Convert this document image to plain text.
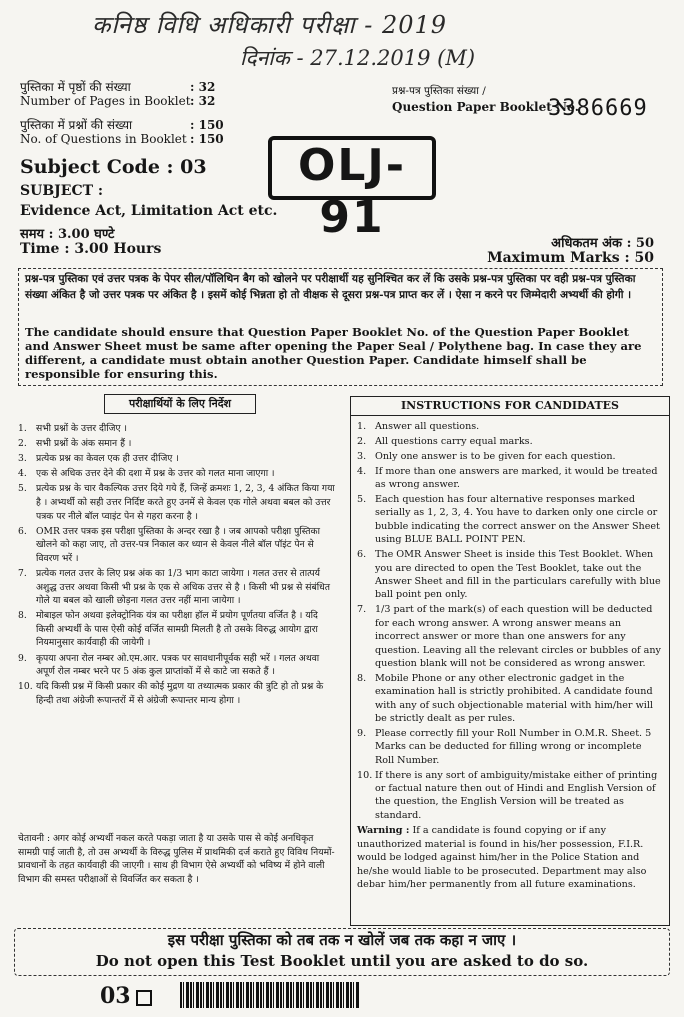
कनिष्ठ विधि अधिकारी परीक्षा - 2019
दिनांक - 27.12.2019 (M)
पुस्तिका में पृष्ठों की संख्या	: 32
Number of Pages in Booklet : 32
पुस्तिका में प्रश्नों की संख्या	: 150
No. of Questions in Booklet : 150
प्रश्न-पत्र पुस्तिका संख्या /
Question Paper Booklet No.
3386669
Subject Code : 03
SUBJECT :
Evidence Act, Limitation Act etc.
समय : 3.00 घण्टे
Time : 3.00 Hours
OLJ-91
अधिकतम अंक : 50
Maximum Marks : 50
प्रश्न-पत्र पुस्तिका एवं उत्तर पत्रक के पेपर सील/पॉलिथिन बैग को खोलने पर परीक्षार्थी यह सुनिश्चित कर लें कि उसके प्रश्न-पत्र पुस्तिका पर वही प्रश्न-पत्र पुस्तिका संख्या अंकित है जो उत्तर पत्रक पर अंकित है । इसमें कोई भिन्नता हो तो वीक्षक से दूसरा प्रश्न-पत्र प्राप्त कर लें । ऐसा न करने पर जिम्मेदारी अभ्यर्थी की होगी ।
The candidate should ensure that Question Paper Booklet No. of the Question Paper Booklet and Answer Sheet must be same after opening the Paper Seal / Polythene bag. In case they are different, a candidate must obtain another Question Paper. Candidate himself shall be responsible for ensuring this.
परीक्षार्थियों के लिए निर्देश
1. सभी प्रश्नों के उत्तर दीजिए ।
2. सभी प्रश्नों के अंक समान हैं ।
3. प्रत्येक प्रश्न का केवल एक ही उत्तर दीजिए ।
4. एक से अधिक उत्तर देने की दशा में प्रश्न के उत्तर को गलत माना जाएगा ।
5. प्रत्येक प्रश्न के चार वैकल्पिक उत्तर दिये गये हैं, जिन्हें क्रमशः 1, 2, 3, 4 अंकित किया गया है । अभ्यर्थी को सही उत्तर निर्दिष्ट करते हुए उनमें से केवल एक गोले अथवा बबल को उत्तर पत्रक पर नीले बॉल प्वाइंट पेन से गहरा करना है ।
6. OMR उत्तर पत्रक इस परीक्षा पुस्तिका के अन्दर रखा है । जब आपको परीक्षा पुस्तिका खोलने को कहा जाए, तो उत्तर-पत्र निकाल कर ध्यान से केवल नीले बॉल पॉइंट पेन से विवरण भरें ।
7. प्रत्येक गलत उत्तर के लिए प्रश्न अंक का 1/3 भाग काटा जायेगा । गलत उत्तर से तात्पर्य अशुद्ध उत्तर अथवा किसी भी प्रश्न के एक से अधिक उत्तर से है । किसी भी प्रश्न से संबंधित गोले या बबल को खाली छोड़ना गलत उत्तर नहीं माना जायेगा ।
8. मोबाइल फोन अथवा इलेक्ट्रोनिक यंत्र का परीक्षा हॉल में प्रयोग पूर्णतया वर्जित है । यदि किसी अभ्यर्थी के पास ऐसी कोई वर्जित सामग्री मिलती है तो उसके विरुद्ध आयोग द्वारा नियमानुसार कार्यवाही की जायेगी ।
9. कृपया अपना रोल नम्बर ओ.एम.आर. पत्रक पर सावधानीपूर्वक सही भरें । गलत अथवा अपूर्ण रोल नम्बर भरने पर 5 अंक कुल प्राप्तांकों में से काटे जा सकते हैं ।
10. यदि किसी प्रश्न में किसी प्रकार की कोई मुद्रण या तथ्यात्मक प्रकार की त्रुटि हो तो प्रश्न के हिन्दी तथा अंग्रेजी रूपान्तरों में से अंग्रेजी रूपान्तर मान्य होगा ।
चेतावनी : अगर कोई अभ्यर्थी नकल करते पकड़ा जाता है या उसके पास से कोई अनधिकृत सामग्री पाई जाती है, तो उस अभ्यर्थी के विरुद्ध पुलिस में प्राथमिकी दर्ज कराते हुए विविध नियमों-प्रावधानों के तहत कार्यवाही की जाएगी । साथ ही विभाग ऐसे अभ्यर्थी को भविष्य में होने वाली विभाग की समस्त परीक्षाओं से विवर्जित कर सकता है ।
INSTRUCTIONS FOR CANDIDATES
1. Answer all questions.
2. All questions carry equal marks.
3. Only one answer is to be given for each question.
4. If more than one answers are marked, it would be treated as wrong answer.
5. Each question has four alternative responses marked serially as 1, 2, 3, 4. You have to darken only one circle or bubble indicating the correct answer on the Answer Sheet using BLUE BALL POINT PEN.
6. The OMR Answer Sheet is inside this Test Booklet. When you are directed to open the Test Booklet, take out the Answer Sheet and fill in the particulars carefully with blue ball point pen only.
7. 1/3 part of the mark(s) of each question will be deducted for each wrong answer. A wrong answer means an incorrect answer or more than one answers for any question. Leaving all the relevant circles or bubbles of any question blank will not be considered as wrong answer.
8. Mobile Phone or any other electronic gadget in the examination hall is strictly prohibited. A candidate found with any of such objectionable material with him/her will be strictly dealt as per rules.
9. Please correctly fill your Roll Number in O.M.R. Sheet. 5 Marks can be deducted for filling wrong or incomplete Roll Number.
10. If there is any sort of ambiguity/mistake either of printing or factual nature then out of Hindi and English Version of the question, the English Version will be treated as standard.
Warning : If a candidate is found copying or if any unauthorized material is found in his/her possession, F.I.R. would be lodged against him/her in the Police Station and he/she would liable to be prosecuted. Department may also debar him/her permanently from all future examinations.
इस परीक्षा पुस्तिका को तब तक न खोलें जब तक कहा न जाए ।
Do not open this Test Booklet until you are asked to do so.
03
